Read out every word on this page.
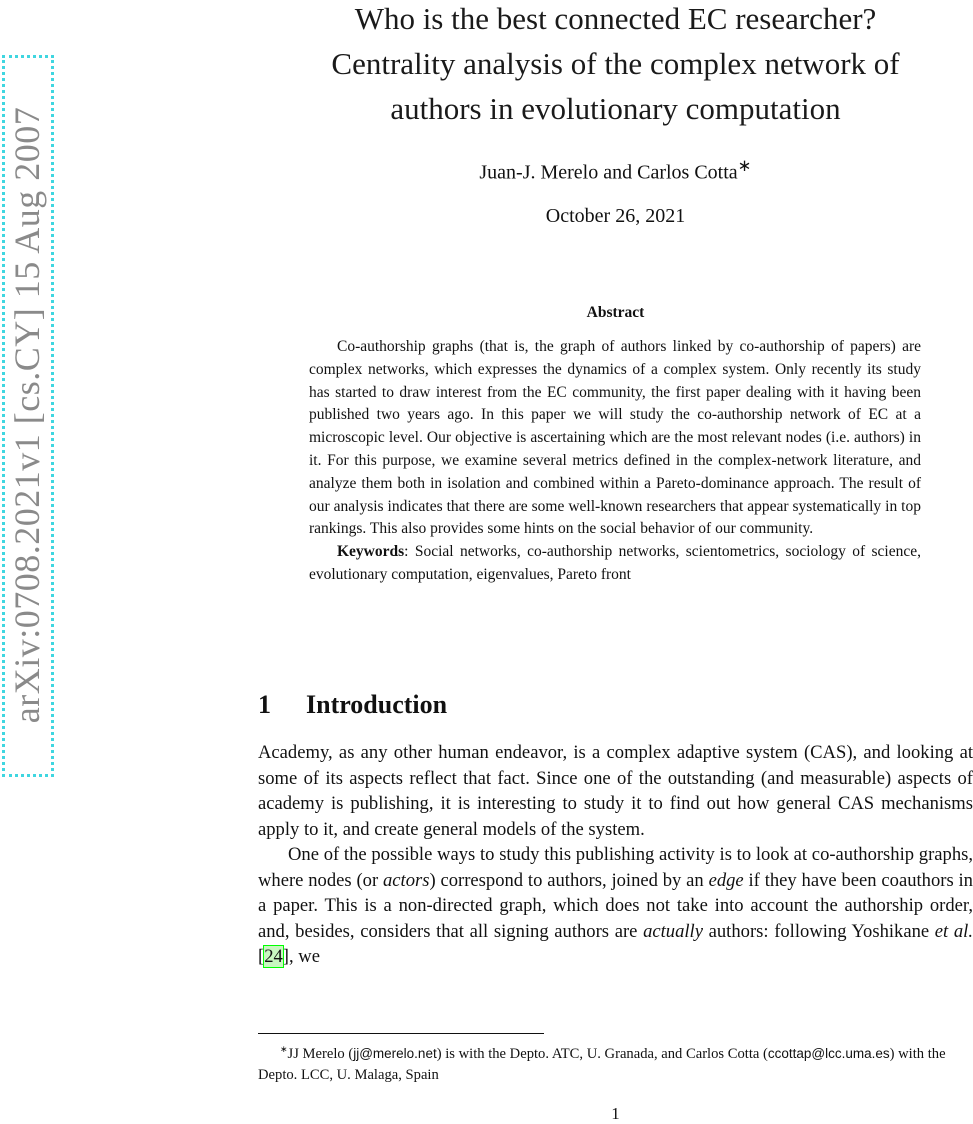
arXiv:0708.2021v1 [cs.CY] 15 Aug 2007
Who is the best connected EC researcher?
Centrality analysis of the complex network of
authors in evolutionary computation
Juan-J. Merelo and Carlos Cotta∗
October 26, 2021
Abstract

Co-authorship graphs (that is, the graph of authors linked by co-authorship of papers) are complex networks, which expresses the dynamics of a complex system. Only recently its study has started to draw interest from the EC community, the first paper dealing with it having been published two years ago. In this paper we will study the co-authorship network of EC at a microscopic level. Our objective is ascertaining which are the most relevant nodes (i.e. authors) in it. For this purpose, we examine several metrics defined in the complex-network literature, and analyze them both in isolation and combined within a Pareto-dominance approach. The result of our analysis indicates that there are some well-known researchers that appear systematically in top rankings. This also provides some hints on the social behavior of our community.

Keywords: Social networks, co-authorship networks, scientometrics, sociology of science, evolutionary computation, eigenvalues, Pareto front

1 Introduction

Academy, as any other human endeavor, is a complex adaptive system (CAS), and looking at some of its aspects reflect that fact. Since one of the outstanding (and measurable) aspects of academy is publishing, it is interesting to study it to find out how general CAS mechanisms apply to it, and create general models of the system.

One of the possible ways to study this publishing activity is to look at co-authorship graphs, where nodes (or actors) correspond to authors, joined by an edge if they have been coauthors in a paper. This is a non-directed graph, which does not take into account the authorship order, and, besides, considers that all signing authors are actually authors: following Yoshikane et al. [24], we

∗JJ Merelo (jj@merelo.net) is with the Depto. ATC, U. Granada, and Carlos Cotta (ccottap@lcc.uma.es) with the Depto. LCC, U. Malaga, Spain
1
